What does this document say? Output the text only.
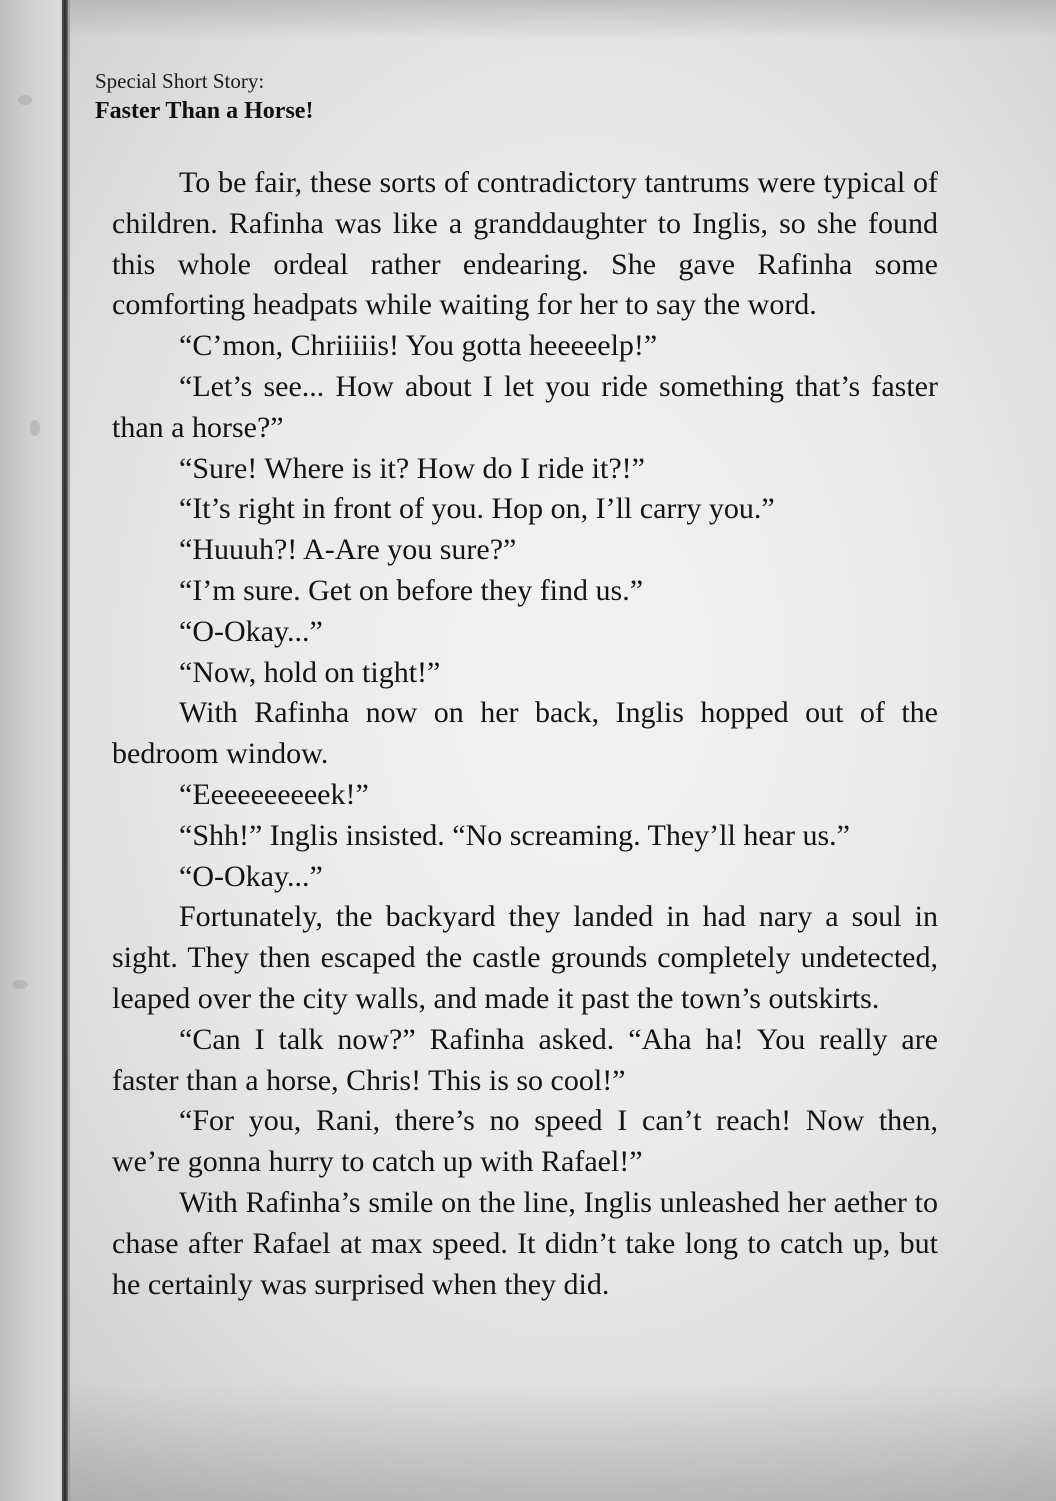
Special Short Story:
Faster Than a Horse!

To be fair, these sorts of contradictory tantrums were typical of children. Rafinha was like a granddaughter to Inglis, so she found this whole ordeal rather endearing. She gave Rafinha some comforting headpats while waiting for her to say the word.

“C’mon, Chriiiiis! You gotta heeeeelp!”

“Let’s see... How about I let you ride something that’s faster than a horse?”

“Sure! Where is it? How do I ride it?!”

“It’s right in front of you. Hop on, I’ll carry you.”

“Huuuh?! A-Are you sure?”

“I’m sure. Get on before they find us.”

“O-Okay...”

“Now, hold on tight!”

With Rafinha now on her back, Inglis hopped out of the bedroom window.

“Eeeeeeeeeek!”

“Shh!” Inglis insisted. “No screaming. They’ll hear us.”

“O-Okay...”

Fortunately, the backyard they landed in had nary a soul in sight. They then escaped the castle grounds completely undetected, leaped over the city walls, and made it past the town’s outskirts.

“Can I talk now?” Rafinha asked. “Aha ha! You really are faster than a horse, Chris! This is so cool!”

“For you, Rani, there’s no speed I can’t reach! Now then, we’re gonna hurry to catch up with Rafael!”

With Rafinha’s smile on the line, Inglis unleashed her aether to chase after Rafael at max speed. It didn’t take long to catch up, but he certainly was surprised when they did.
